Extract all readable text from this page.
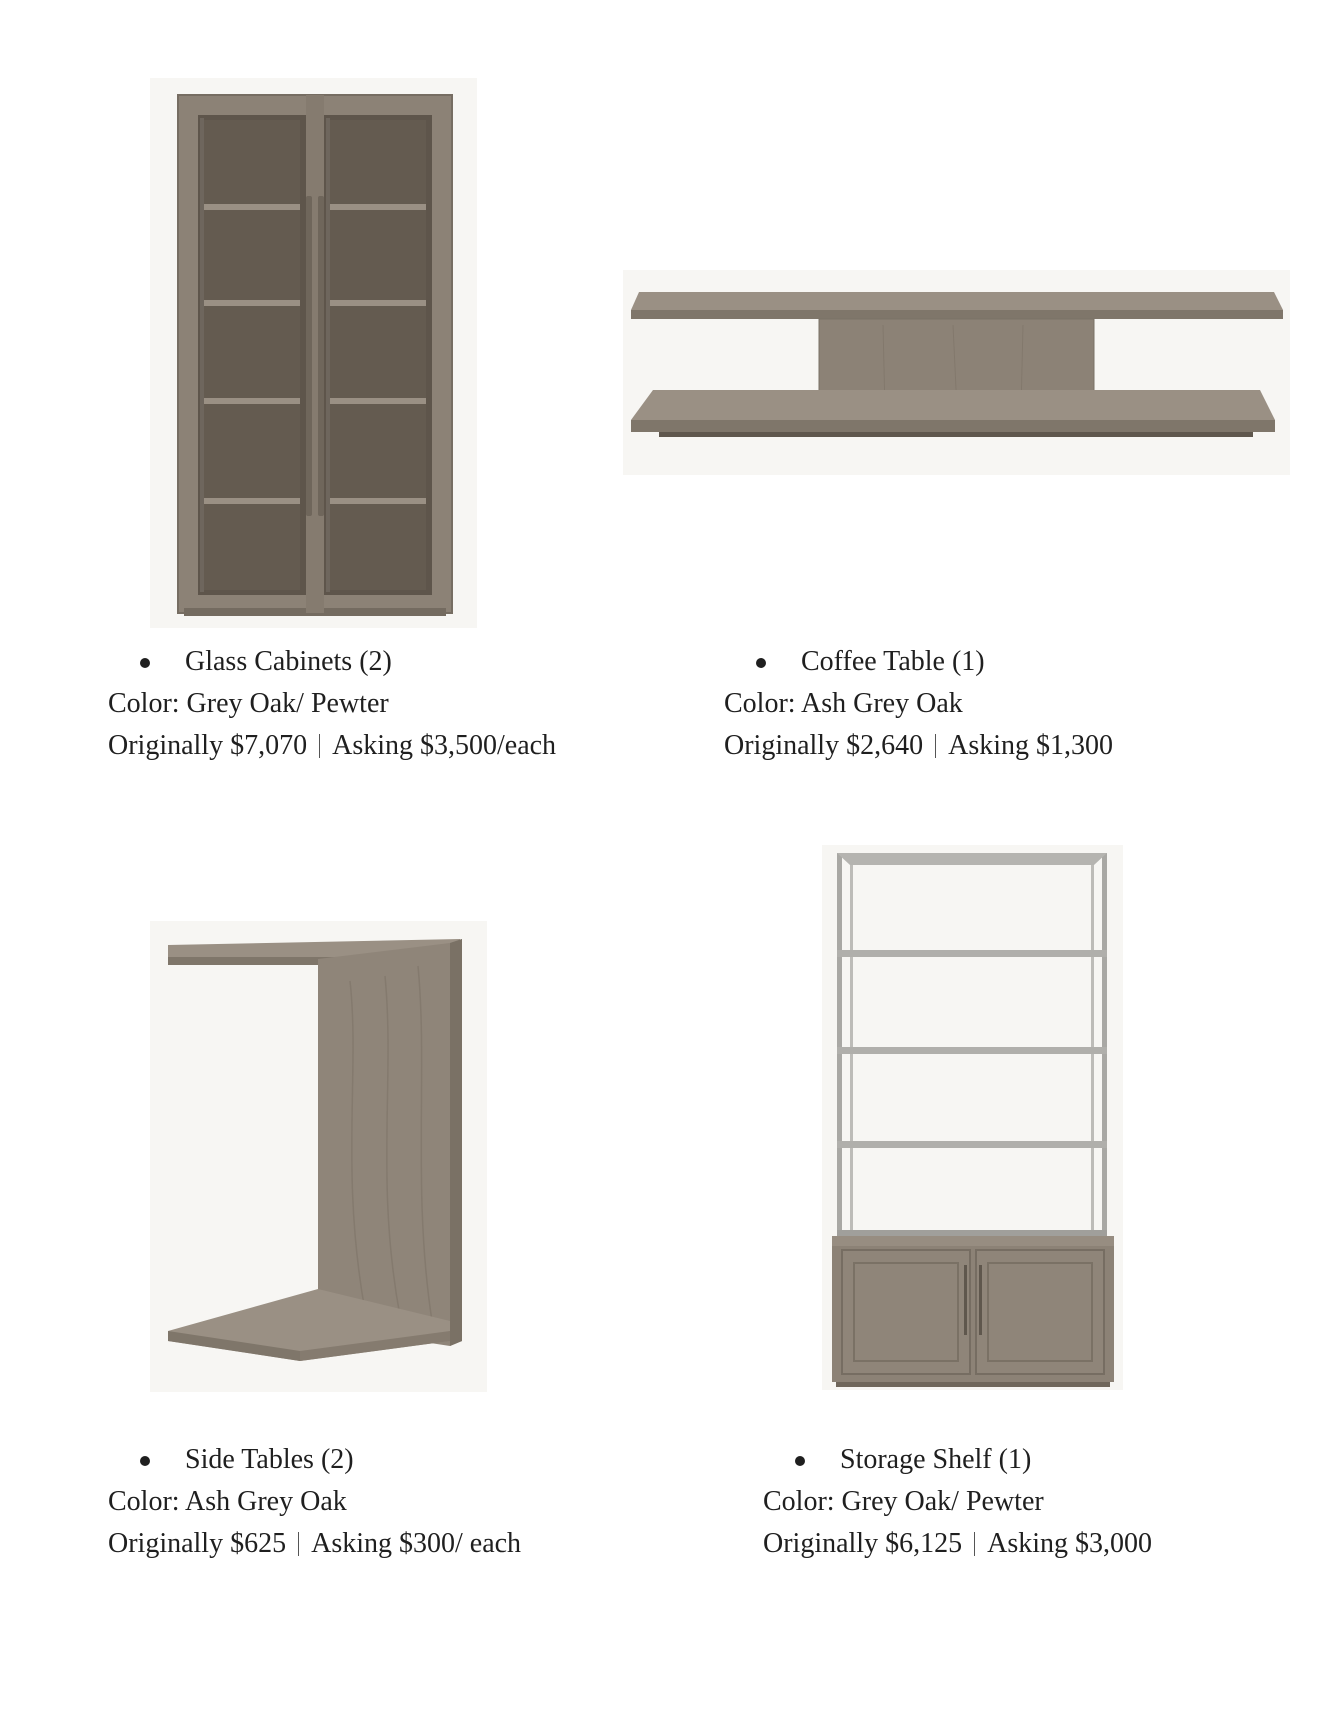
Glass Cabinets (2)
Color: Grey Oak/ Pewter
Originally $7,070 Asking $3,500/each
Coffee Table (1)
Color: Ash Grey Oak
Originally $2,640 Asking $1,300
Side Tables (2)
Color: Ash Grey Oak
Originally $625 Asking $300/ each
Storage Shelf (1)
Color: Grey Oak/ Pewter
Originally $6,125 Asking $3,000
